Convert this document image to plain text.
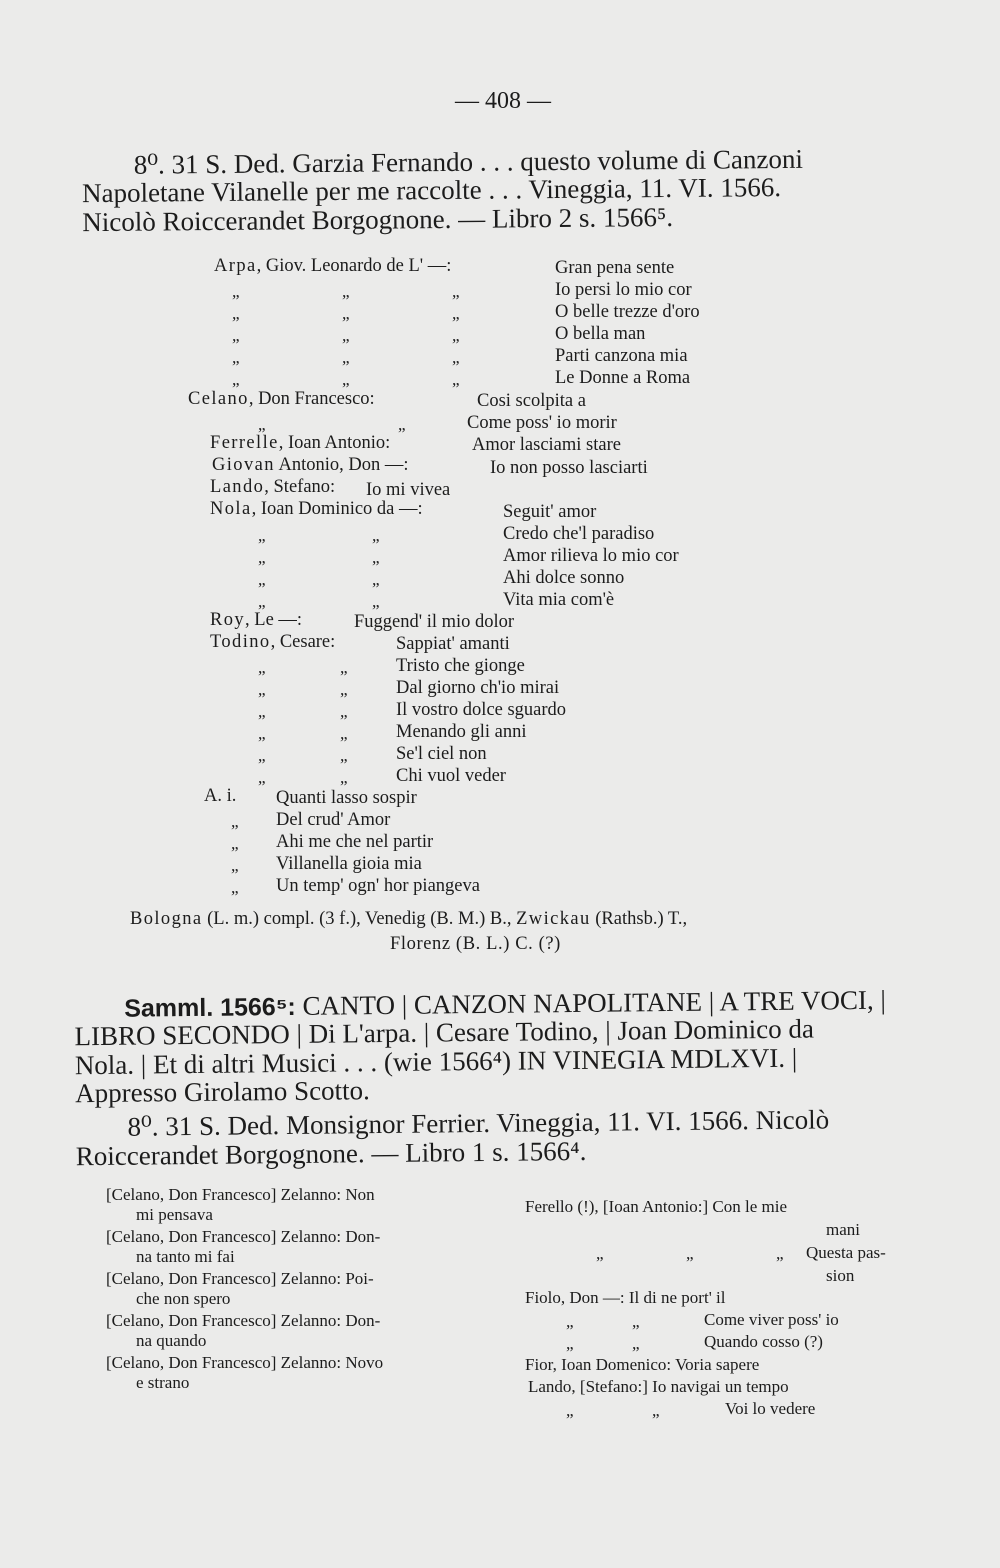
— 408 —
8⁰. 31 S. Ded. Garzia Fernando . . . questo volume di Canzoni
Napoletane Vilanelle per me raccolte . . . Vineggia, 11. VI. 1566.
Nicolò Roiccerandet Borgognone. — Libro 2 s. 1566⁵.
Arpa, Giov. Leonardo de L' —:	Gran pena sente
„	„	„	Io persi lo mio cor
„	„	„	O belle trezze d'oro
„	„	„	O bella man
„	„	„	Parti canzona mia
„	„	„	Le Donne a Roma
Celano, Don Francesco:	Cosi scolpita a
„	„	Come poss' io morir
Ferrelle, Ioan Antonio:	Amor lasciami stare
Giovan Antonio, Don —:	Io non posso lasciarti
Lando, Stefano: Io mi vivea
Nola, Ioan Dominico da —:	Seguit' amor
„	„	Credo che'l paradiso
„	„	Amor rilieva lo mio cor
„	„	Ahi dolce sonno
„	„	Vita mia com'è
Roy, Le —:	Fuggend' il mio dolor
Todino, Cesare:	Sappiat' amanti
„	„	Tristo che gionge
„	„	Dal giorno ch'io mirai
„	„	Il vostro dolce sguardo
„	„	Menando gli anni
„	„	Se'l ciel non
„	„	Chi vuol veder
A. i. Quanti lasso sospir
„ Del crud' Amor
„ Ahi me che nel partir
„ Villanella gioia mia
„ Un temp' ogn' hor piangeva
Bologna (L. m.) compl. (3 f.), Venedig (B. M.) B., Zwickau (Rathsb.) T.,
Florenz (B. L.) C. (?)
Samml. 1566⁵: CANTO | CANZON NAPOLITANE | A TRE VOCI, |
LIBRO SECONDO | Di L'arpa. | Cesare Todino, | Joan Dominico da
Nola. | Et di altri Musici . . . (wie 1566⁴) IN VINEGIA MDLXVI. |
Appresso Girolamo Scotto.
8⁰. 31 S. Ded. Monsignor Ferrier. Vineggia, 11. VI. 1566. Nicolò
Roiccerandet Borgognone. — Libro 1 s. 1566⁴.
[Celano, Don Francesco] Zelanno: Non
mi pensava
[Celano, Don Francesco] Zelanno: Don-
na tanto mi fai
[Celano, Don Francesco] Zelanno: Poi-
che non spero
[Celano, Don Francesco] Zelanno: Don-
na quando
[Celano, Don Francesco] Zelanno: Novo
e strano
Ferello (!), [Ioan Antonio:] Con le mie
mani
„	„	„ Questa pas-
sion
Fiolo, Don —: Il di ne port' il
„	„	Come viver poss' io
„	„	Quando cosso (?)
Fior, Ioan Domenico: Voria sapere
Lando, [Stefano:] Io navigai un tempo
„	„	Voi lo vedere
